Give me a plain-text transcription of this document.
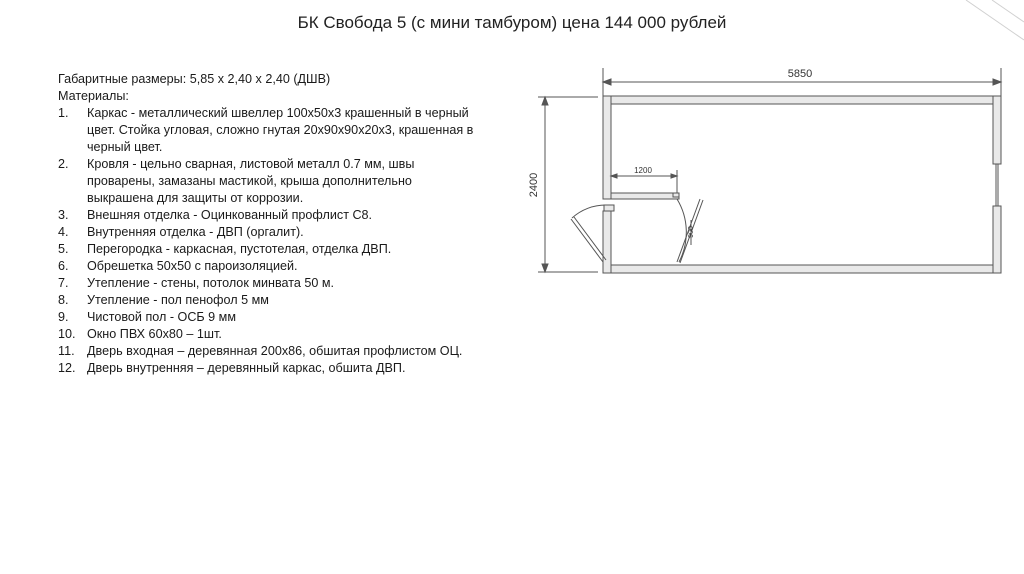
БК Свобода 5 (с мини тамбуром) цена 144 000 рублей
Габаритные размеры: 5,85 х 2,40 х 2,40 (ДШВ)
Материалы:
1.	Каркас - металлический швеллер 100х50х3 крашенный в черный
цвет. Стойка угловая, сложно гнутая 20х90х90х20х3, крашенная в
черный цвет.
2.	Кровля - цельно сварная, листовой металл 0.7 мм, швы
проварены, замазаны мастикой, крыша дополнительно
выкрашена для защиты от коррозии.
3.	Внешняя отделка - Оцинкованный профлист С8.
4.	Внутренняя отделка - ДВП (оргалит).
5.	Перегородка - каркасная, пустотелая, отделка ДВП.
6.	Обрешетка 50х50 с пароизоляцией.
7.	Утепление - стены, потолок минвата 50 м.
8.	Утепление - пол пенофол 5 мм
9.	Чистовой пол - ОСБ 9 мм
10. Окно ПВХ 60х80 – 1шт.
11. Дверь входная – деревянная 200х86, обшитая профлистом ОЦ.
12. Дверь внутренняя – деревянный каркас, обшита ДВП.
5850
2400
1200
900
